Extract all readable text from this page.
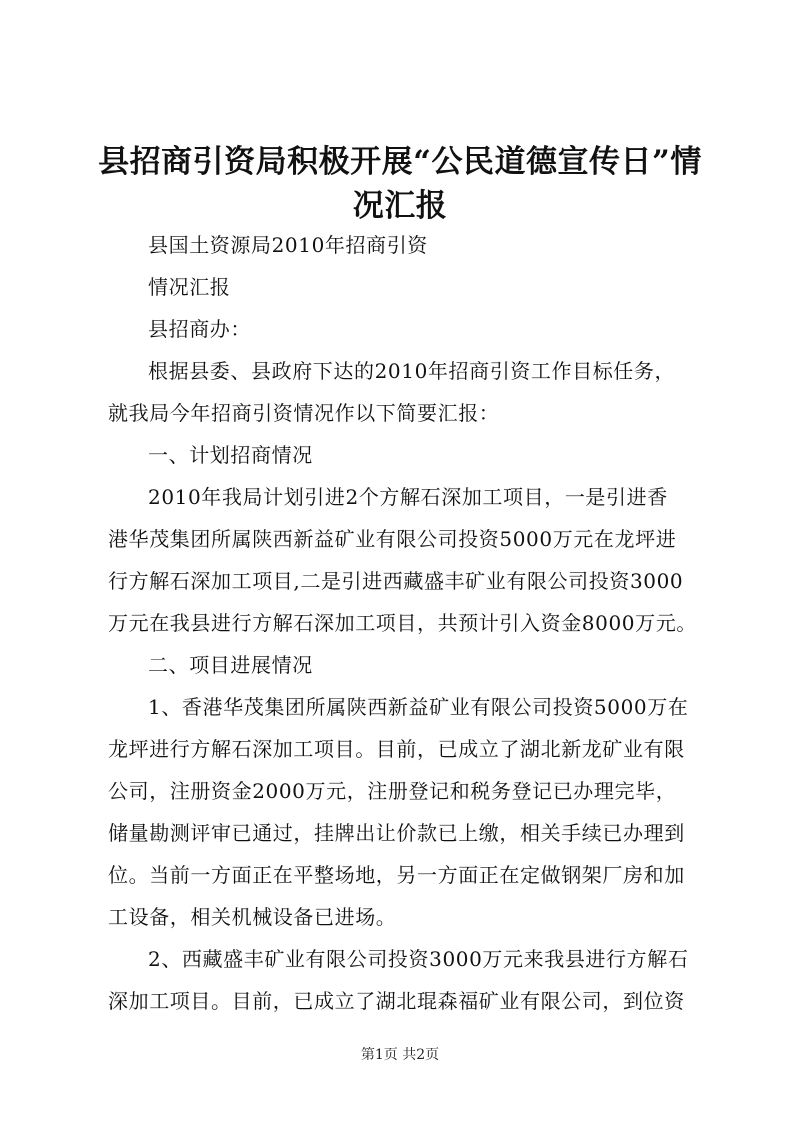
县招商引资局积极开展“公民道德宣传日”情
况汇报

县国土资源局2010年招商引资

情况汇报

县招商办：

根据县委、县政府下达的2010年招商引资工作目标任务，

就我局今年招商引资情况作以下简要汇报：

一、计划招商情况

2010年我局计划引进2个方解石深加工项目，一是引进香

港华茂集团所属陕西新益矿业有限公司投资5000万元在龙坪进

行方解石深加工项目,二是引进西藏盛丰矿业有限公司投资3000

万元在我县进行方解石深加工项目，共预计引入资金8000万元。

二、项目进展情况

1、香港华茂集团所属陕西新益矿业有限公司投资5000万在

龙坪进行方解石深加工项目。目前，已成立了湖北新龙矿业有限

公司，注册资金2000万元，注册登记和税务登记已办理完毕，

储量勘测评审已通过，挂牌出让价款已上缴，相关手续已办理到

位。当前一方面正在平整场地，另一方面正在定做钢架厂房和加

工设备，相关机械设备已进场。

2、西藏盛丰矿业有限公司投资3000万元来我县进行方解石

深加工项目。目前，已成立了湖北琨森福矿业有限公司，到位资

第1页 共2页
